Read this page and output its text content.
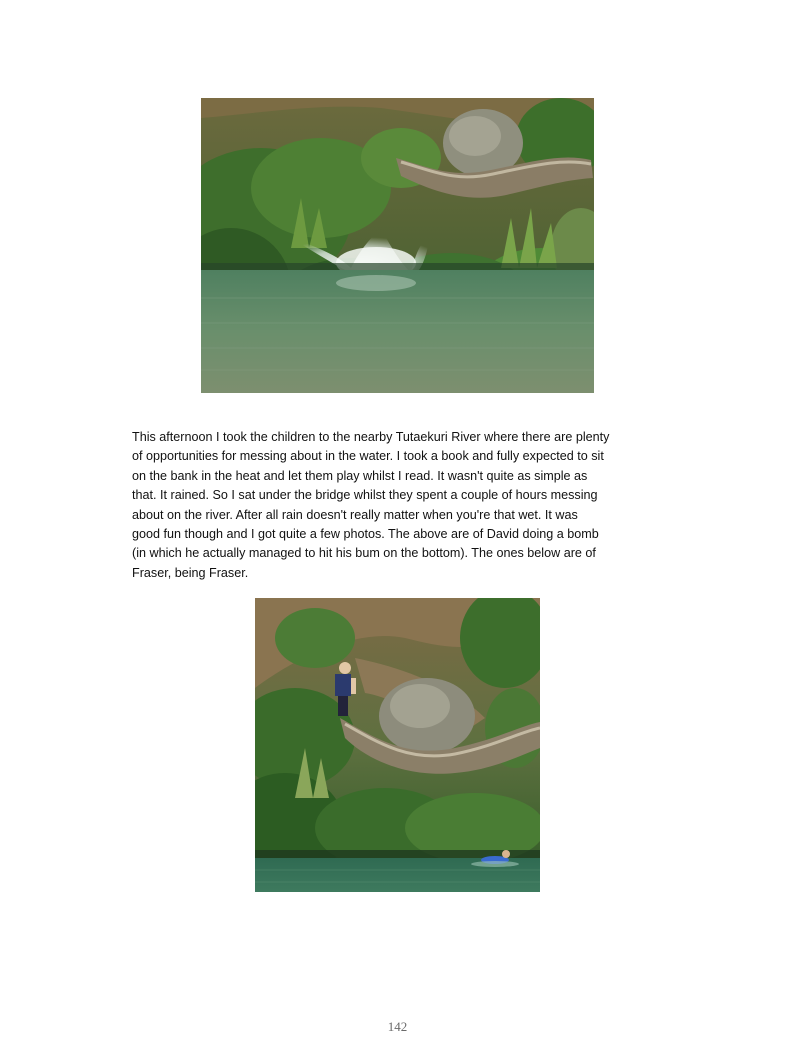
This afternoon I took the children to the nearby Tutaekuri River where there are plenty
of opportunities for messing about in the water. I took a book and fully expected to sit
on the bank in the heat and let them play whilst I read. It wasn't quite as simple as
that. It rained. So I sat under the bridge whilst they spent a couple of hours messing
about on the river. After all rain doesn't really matter when you're that wet. It was
good fun though and I got quite a few photos. The above are of David doing a bomb
(in which he actually managed to hit his bum on the bottom). The ones below are of
Fraser, being Fraser.

142
